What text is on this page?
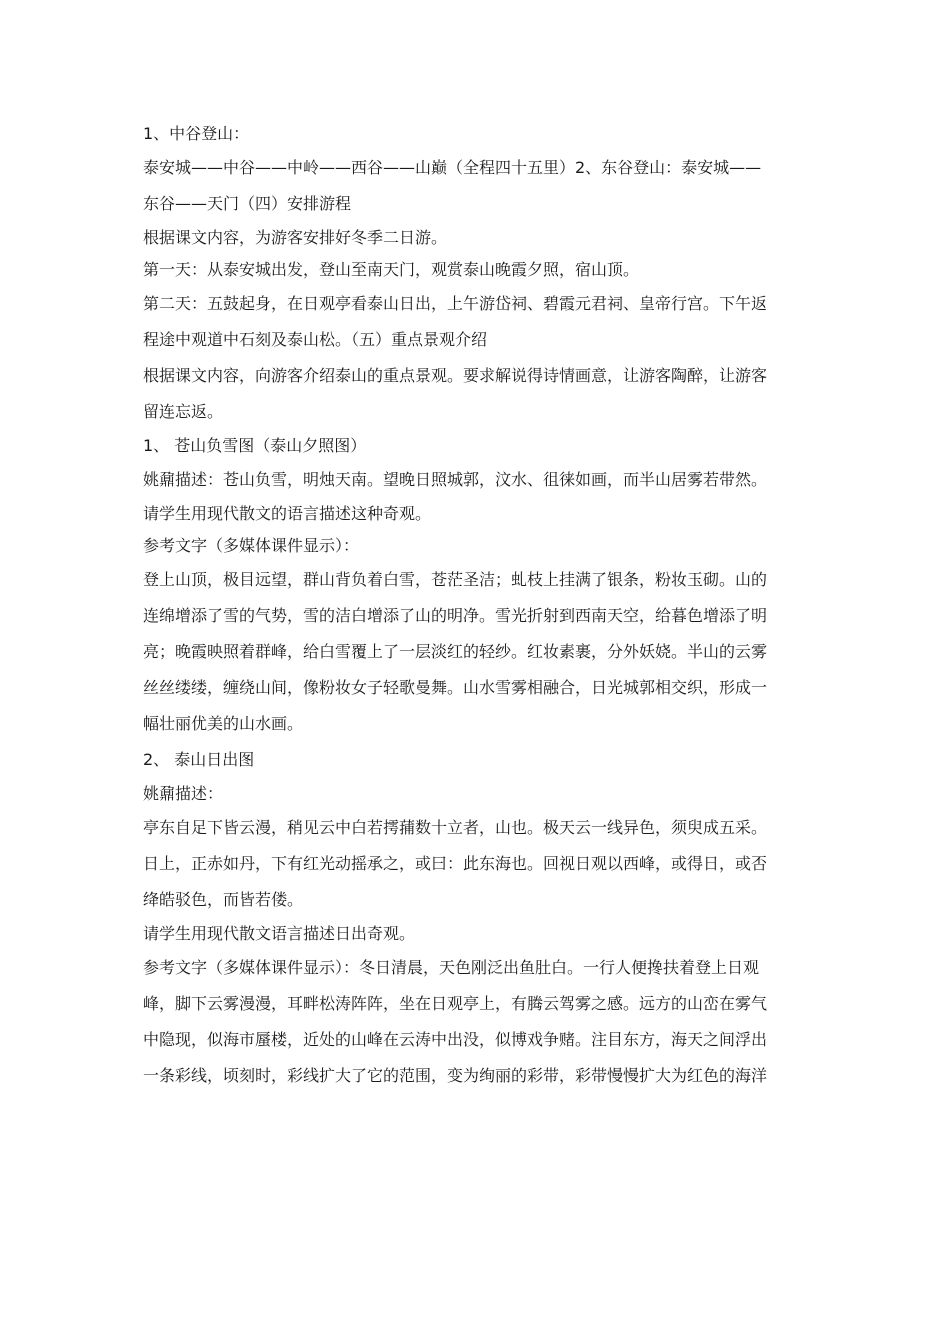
1、中谷登山：
泰安城——中谷——中岭——西谷——山巅（全程四十五里）2、东谷登山：泰安城——
东谷——天门（四）安排游程
根据课文内容，为游客安排好冬季二日游。
第一天：从泰安城出发，登山至南天门，观赏泰山晚霞夕照，宿山顶。
第二天：五鼓起身，在日观亭看泰山日出，上午游岱祠、碧霞元君祠、皇帝行宫。下午返
程途中观道中石刻及泰山松。（五）重点景观介绍
根据课文内容，向游客介绍泰山的重点景观。要求解说得诗情画意，让游客陶醉，让游客
留连忘返。
1、 苍山负雪图（泰山夕照图）
姚鼐描述：苍山负雪，明烛天南。望晚日照城郭，汶水、徂徕如画，而半山居雾若带然。
请学生用现代散文的语言描述这种奇观。
参考文字（多媒体课件显示）：
登上山顶，极目远望，群山背负着白雪，苍茫圣洁；虬枝上挂满了银条，粉妆玉砌。山的
连绵增添了雪的气势，雪的洁白增添了山的明净。雪光折射到西南天空，给暮色增添了明
亮；晚霞映照着群峰，给白雪覆上了一层淡红的轻纱。红妆素裹，分外妖娆。半山的云雾
丝丝缕缕，缠绕山间，像粉妆女子轻歌曼舞。山水雪雾相融合，日光城郭相交织，形成一
幅壮丽优美的山水画。
2、 泰山日出图
姚鼐描述：
亭东自足下皆云漫，稍见云中白若摴蒱数十立者，山也。极天云一线异色，须臾成五采。
日上，正赤如丹，下有红光动摇承之，或曰：此东海也。回视日观以西峰，或得日，或否
绛皓驳色，而皆若偻。
请学生用现代散文语言描述日出奇观。
参考文字（多媒体课件显示）：冬日清晨，天色刚泛出鱼肚白。一行人便搀扶着登上日观
峰，脚下云雾漫漫，耳畔松涛阵阵，坐在日观亭上，有腾云驾雾之感。远方的山峦在雾气
中隐现，似海市蜃楼，近处的山峰在云涛中出没，似博戏争赌。注目东方，海天之间浮出
一条彩线，顷刻时，彩线扩大了它的范围，变为绚丽的彩带，彩带慢慢扩大为红色的海洋
